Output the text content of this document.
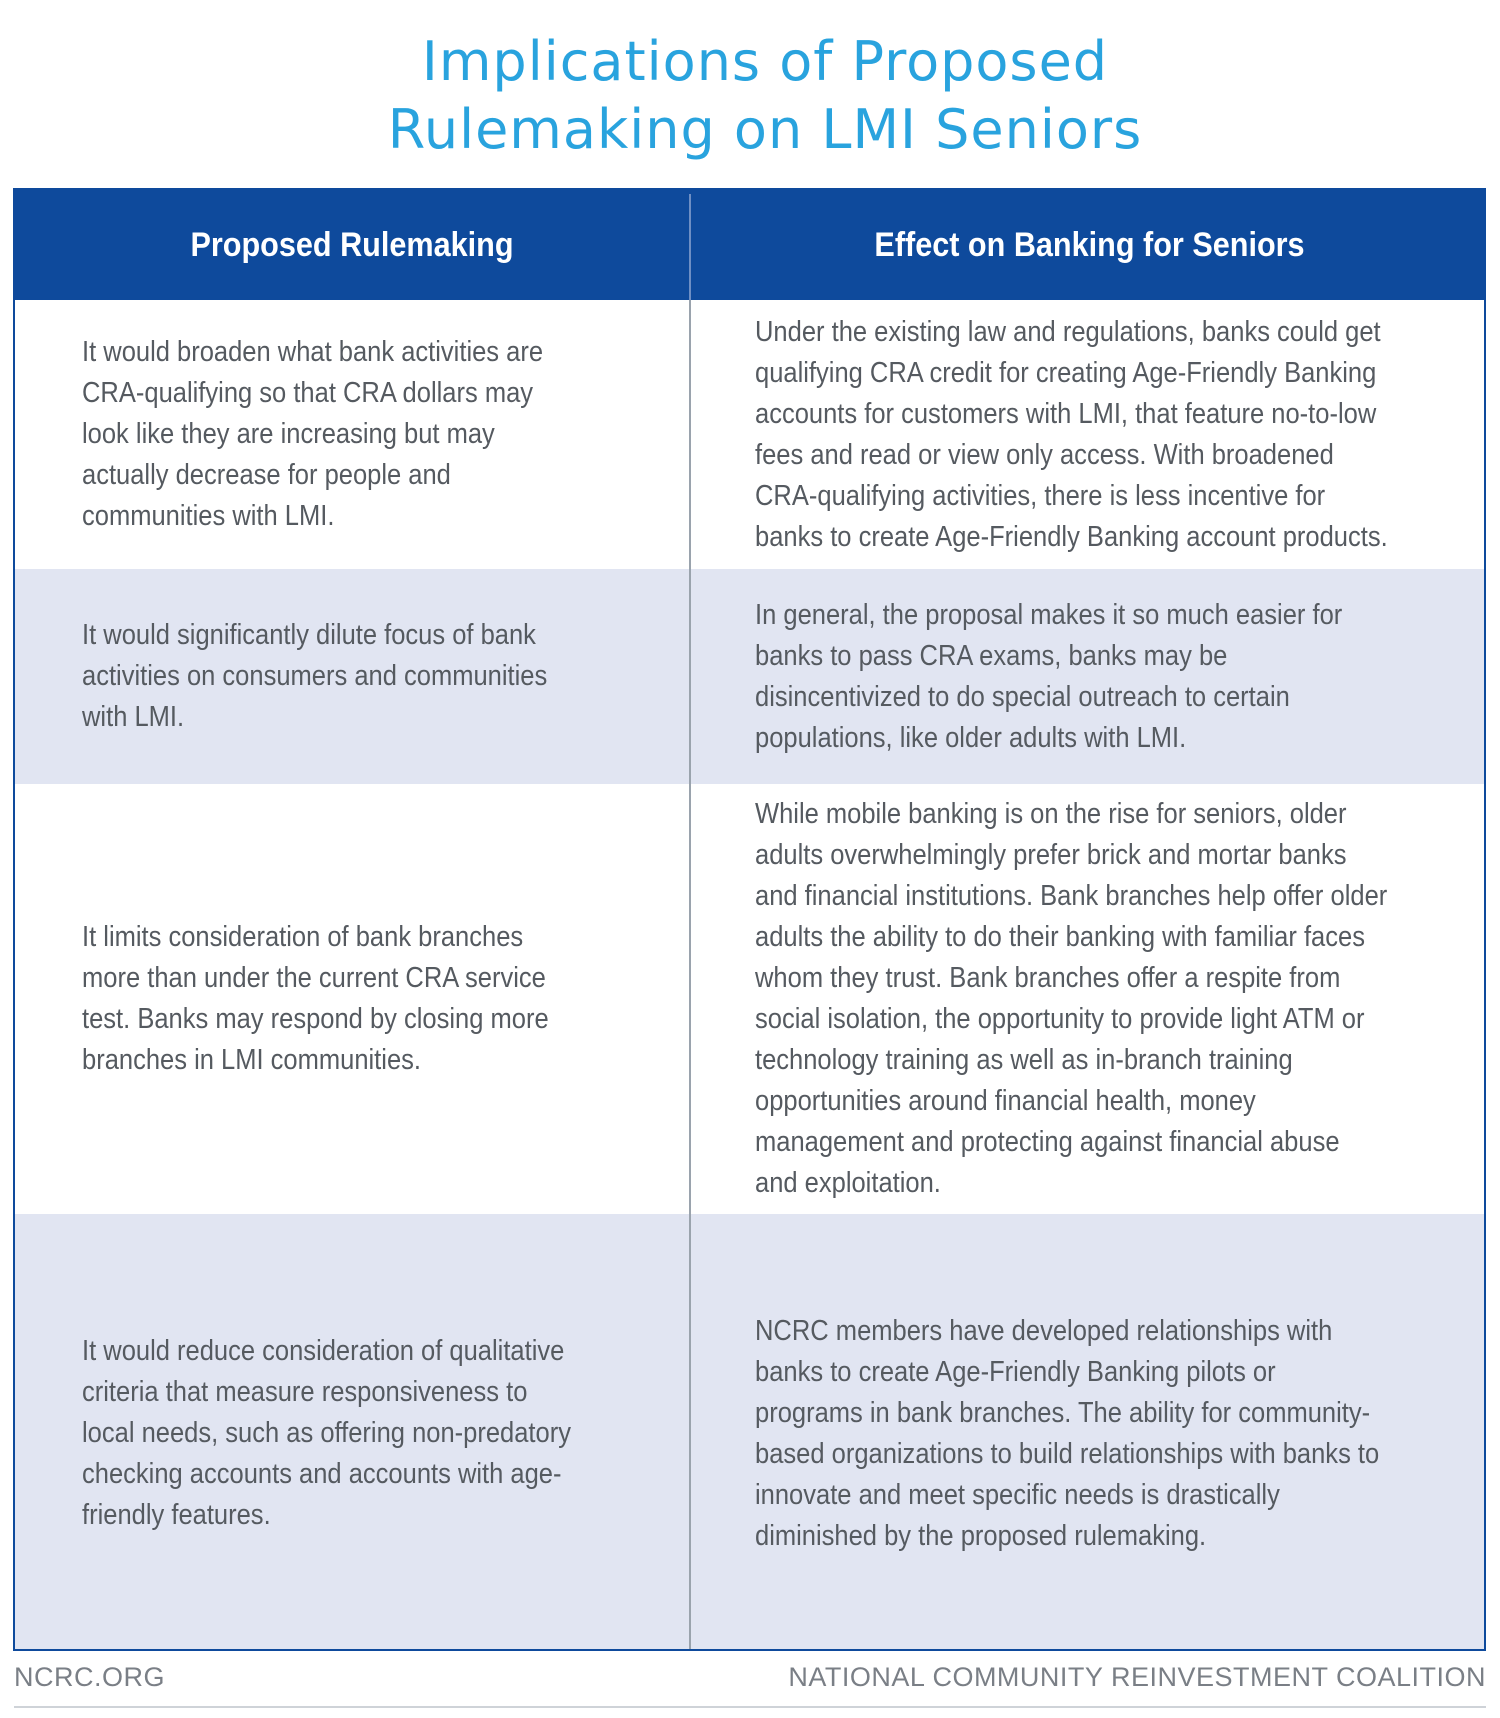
Implications of Proposed
Rulemaking on LMI Seniors
Proposed Rulemaking	Effect on Banking for Seniors
It would broaden what bank activities are CRA-qualifying so that CRA dollars may look like they are increasing but may actually decrease for people and communities with LMI.
Under the existing law and regulations, banks could get qualifying CRA credit for creating Age-Friendly Banking accounts for customers with LMI, that feature no-to-low fees and read or view only access. With broadened CRA-qualifying activities, there is less incentive for banks to create Age-Friendly Banking account products.
It would significantly dilute focus of bank activities on consumers and communities with LMI.
In general, the proposal makes it so much easier for banks to pass CRA exams, banks may be disincentivized to do special outreach to certain populations, like older adults with LMI.
It limits consideration of bank branches more than under the current CRA service test. Banks may respond by closing more branches in LMI communities.
While mobile banking is on the rise for seniors, older adults overwhelmingly prefer brick and mortar banks and financial institutions. Bank branches help offer older adults the ability to do their banking with familiar faces whom they trust. Bank branches offer a respite from social isolation, the opportunity to provide light ATM or technology training as well as in-branch training opportunities around financial health, money management and protecting against financial abuse and exploitation.
It would reduce consideration of qualitative criteria that measure responsiveness to local needs, such as offering non-predatory checking accounts and accounts with age-friendly features.
NCRC members have developed relationships with banks to create Age-Friendly Banking pilots or programs in bank branches. The ability for community-based organizations to build relationships with banks to innovate and meet specific needs is drastically diminished by the proposed rulemaking.
NCRC.ORG	NATIONAL COMMUNITY REINVESTMENT COALITION
